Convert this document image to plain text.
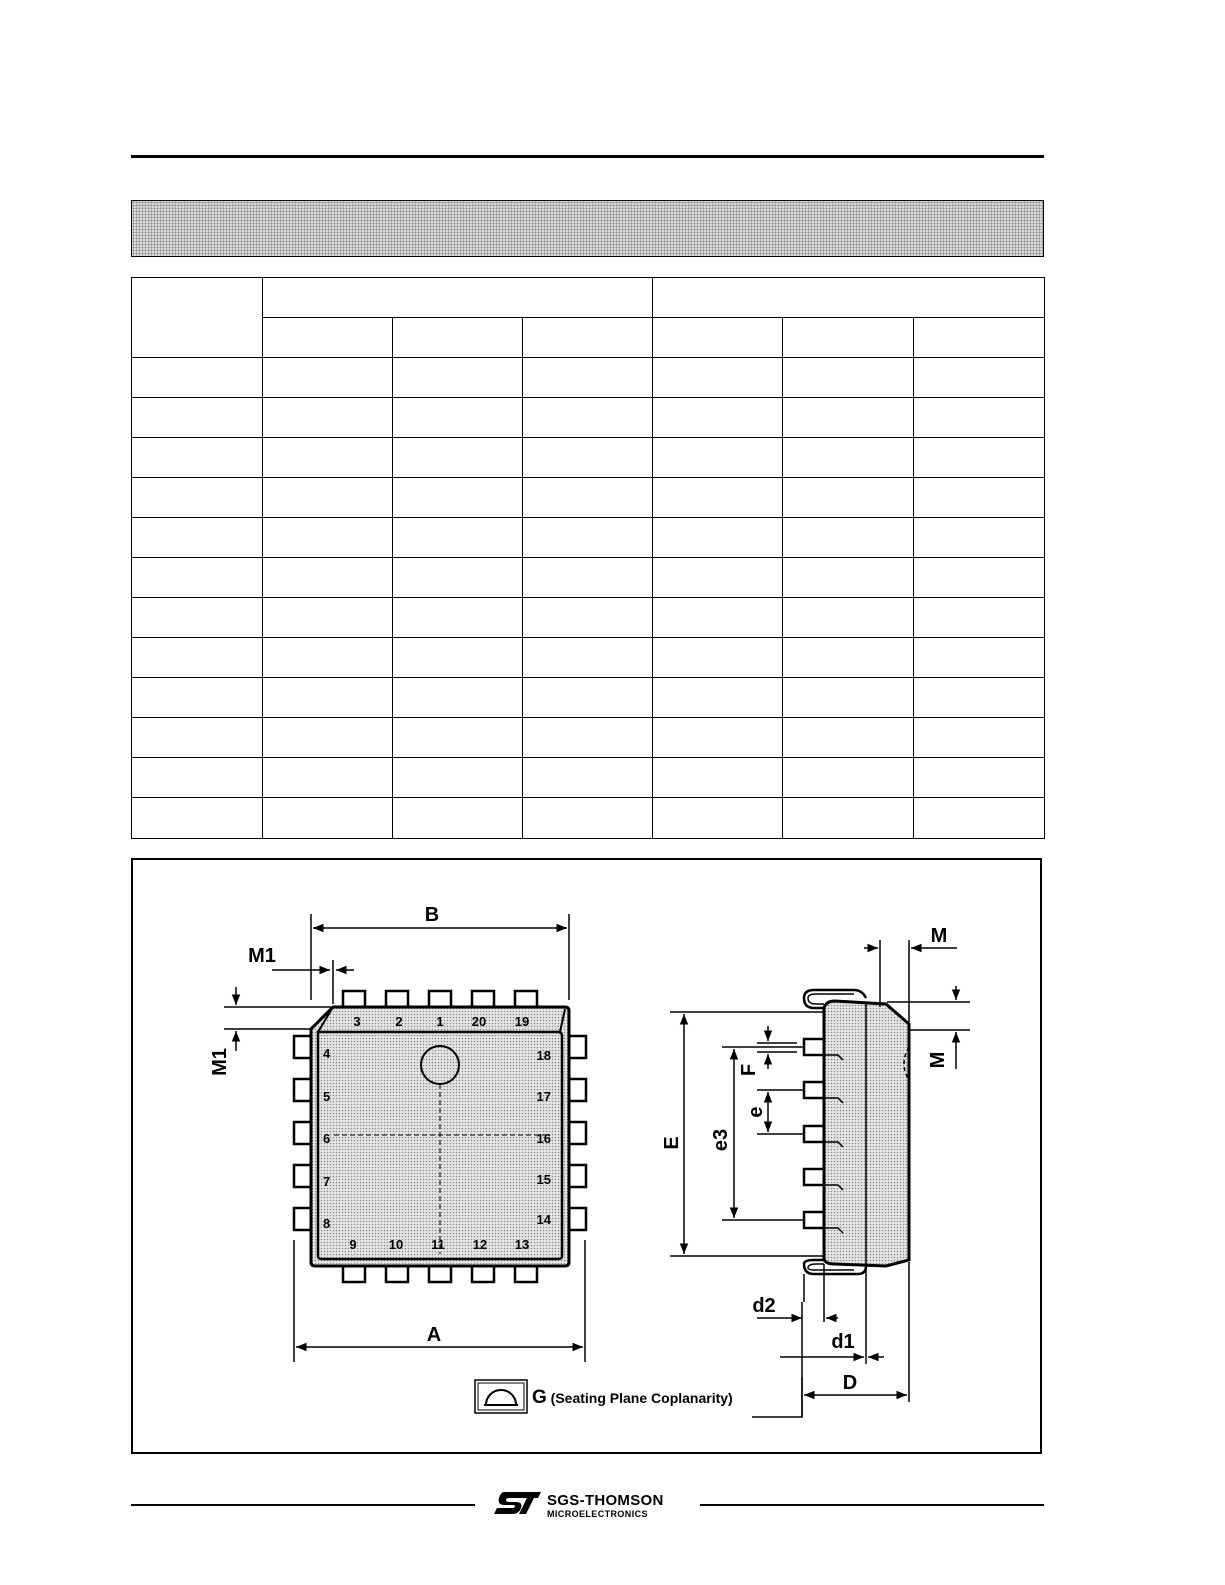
3	2	1 20 19
4
5
6
7
8
18
17
16
15
14
9 10 11 12 13
B
A
M1
M1
E e3
e
F
M
M
d2
d1
D
G (Seating Plane Coplanarity)
SGS-THOMSON
MICROELECTRONICS
